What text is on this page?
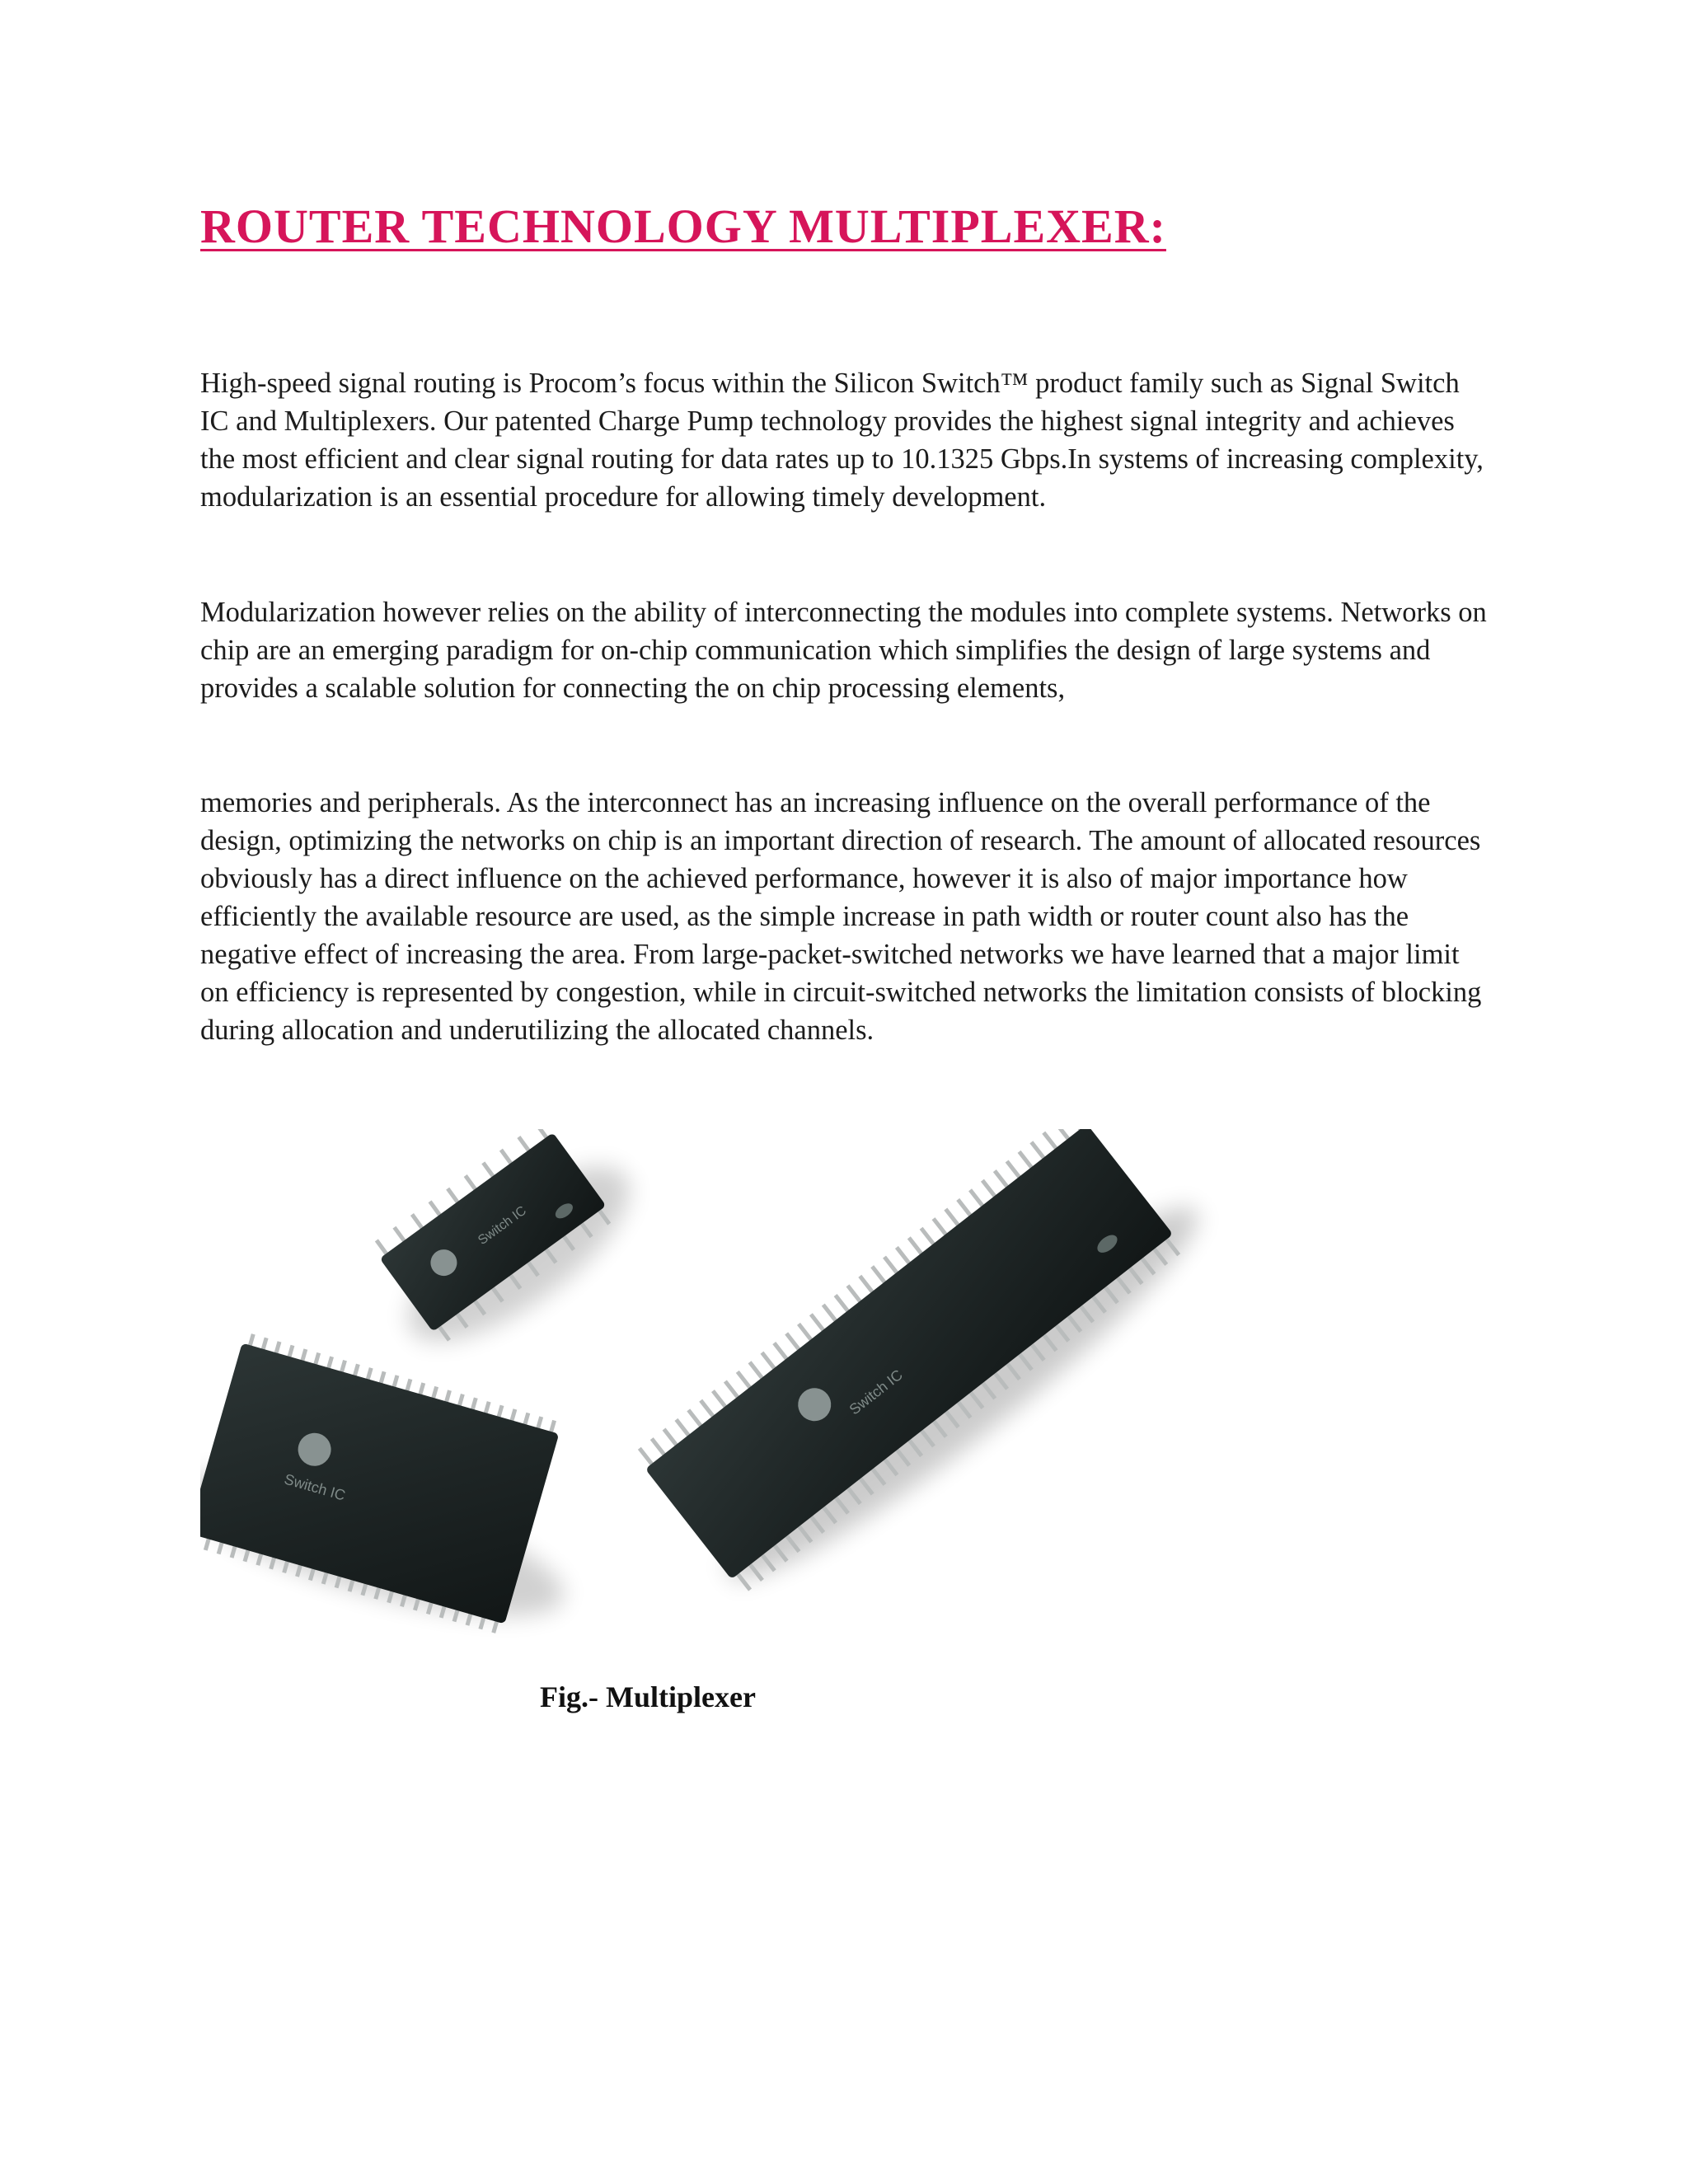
ROUTER TECHNOLOGY MULTIPLEXER:

High-speed signal routing is Procom’s focus within the Silicon Switch™ product family such as Signal Switch IC and Multiplexers. Our patented Charge Pump technology provides the highest signal integrity and achieves the most efficient and clear signal routing for data rates up to 10.1325 Gbps.In systems of increasing complexity, modularization is an essential procedure for allowing timely development.

Modularization however relies on the ability of interconnecting the modules into complete systems. Networks on chip are an emerging paradigm for on-chip communication which simplifies the design of large systems and provides a scalable solution for connecting the on chip processing elements,

memories and peripherals. As the interconnect has an increasing influence on the overall performance of the design, optimizing the networks on chip is an important direction of research. The amount of allocated resources obviously has a direct influence on the achieved performance, however it is also of major importance how efficiently the available resource are used, as the simple increase in path width or router count also has the negative effect of increasing the area. From large-packet-switched networks we have learned that a major limit on efficiency is represented by congestion, while in circuit-switched networks the limitation consists of blocking during allocation and underutilizing the allocated channels.

Switch IC
Switch IC
Switch IC

Fig.- Multiplexer
